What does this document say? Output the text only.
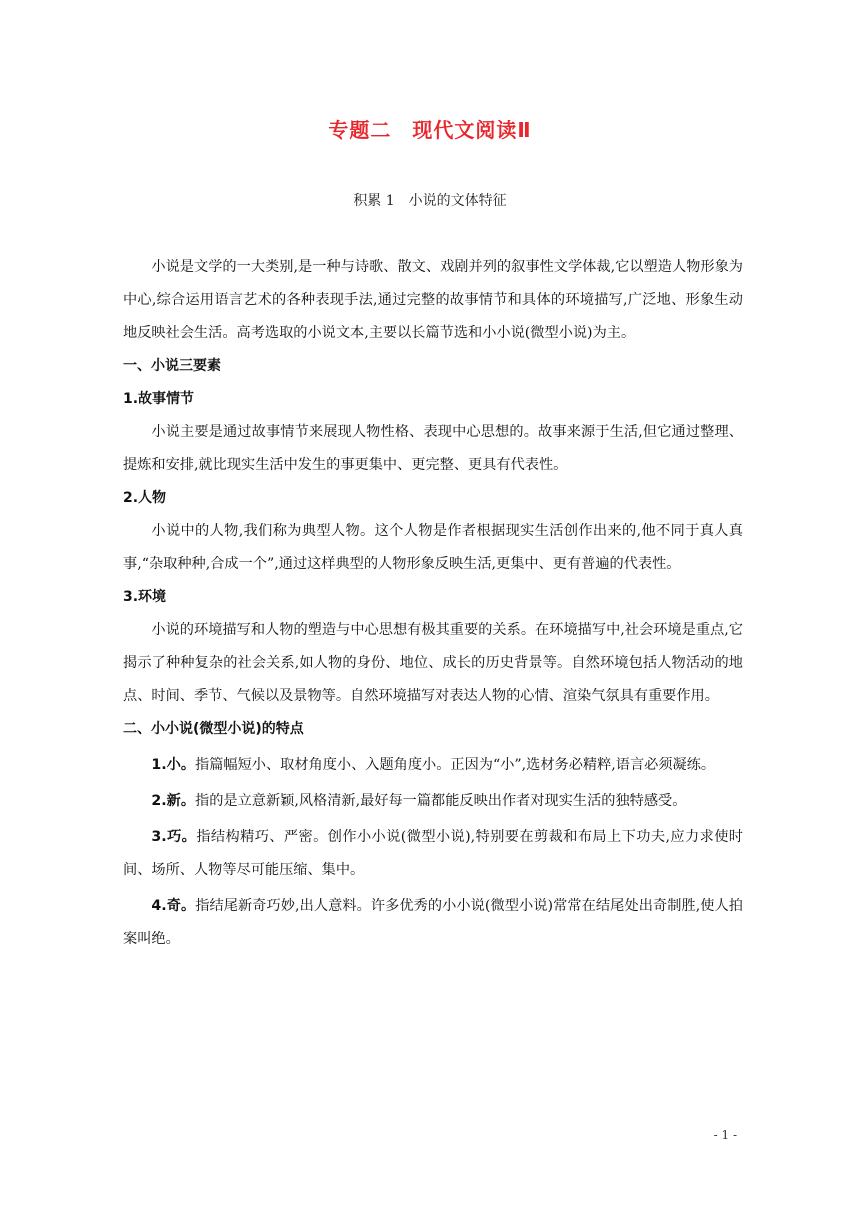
专题二　现代文阅读Ⅱ
积累 1　小说的文体特征

小说是文学的一大类别,是一种与诗歌、散文、戏剧并列的叙事性文学体裁,它以塑造人物形象为中心,综合运用语言艺术的各种表现手法,通过完整的故事情节和具体的环境描写,广泛地、形象生动地反映社会生活。高考选取的小说文本,主要以长篇节选和小小说(微型小说)为主。

一、小说三要素

1.故事情节

小说主要是通过故事情节来展现人物性格、表现中心思想的。故事来源于生活,但它通过整理、提炼和安排,就比现实生活中发生的事更集中、更完整、更具有代表性。

2.人物

小说中的人物,我们称为典型人物。这个人物是作者根据现实生活创作出来的,他不同于真人真事,“杂取种种,合成一个”,通过这样典型的人物形象反映生活,更集中、更有普遍的代表性。

3.环境

小说的环境描写和人物的塑造与中心思想有极其重要的关系。在环境描写中,社会环境是重点,它揭示了种种复杂的社会关系,如人物的身份、地位、成长的历史背景等。自然环境包括人物活动的地点、时间、季节、气候以及景物等。自然环境描写对表达人物的心情、渲染气氛具有重要作用。

二、小小说(微型小说)的特点

1.小。指篇幅短小、取材角度小、入题角度小。正因为“小”,选材务必精粹,语言必须凝练。

2.新。指的是立意新颖,风格清新,最好每一篇都能反映出作者对现实生活的独特感受。

3.巧。指结构精巧、严密。创作小小说(微型小说),特别要在剪裁和布局上下功夫,应力求使时间、场所、人物等尽可能压缩、集中。

4.奇。指结尾新奇巧妙,出人意料。许多优秀的小小说(微型小说)常常在结尾处出奇制胜,使人拍案叫绝。

- 1 -
